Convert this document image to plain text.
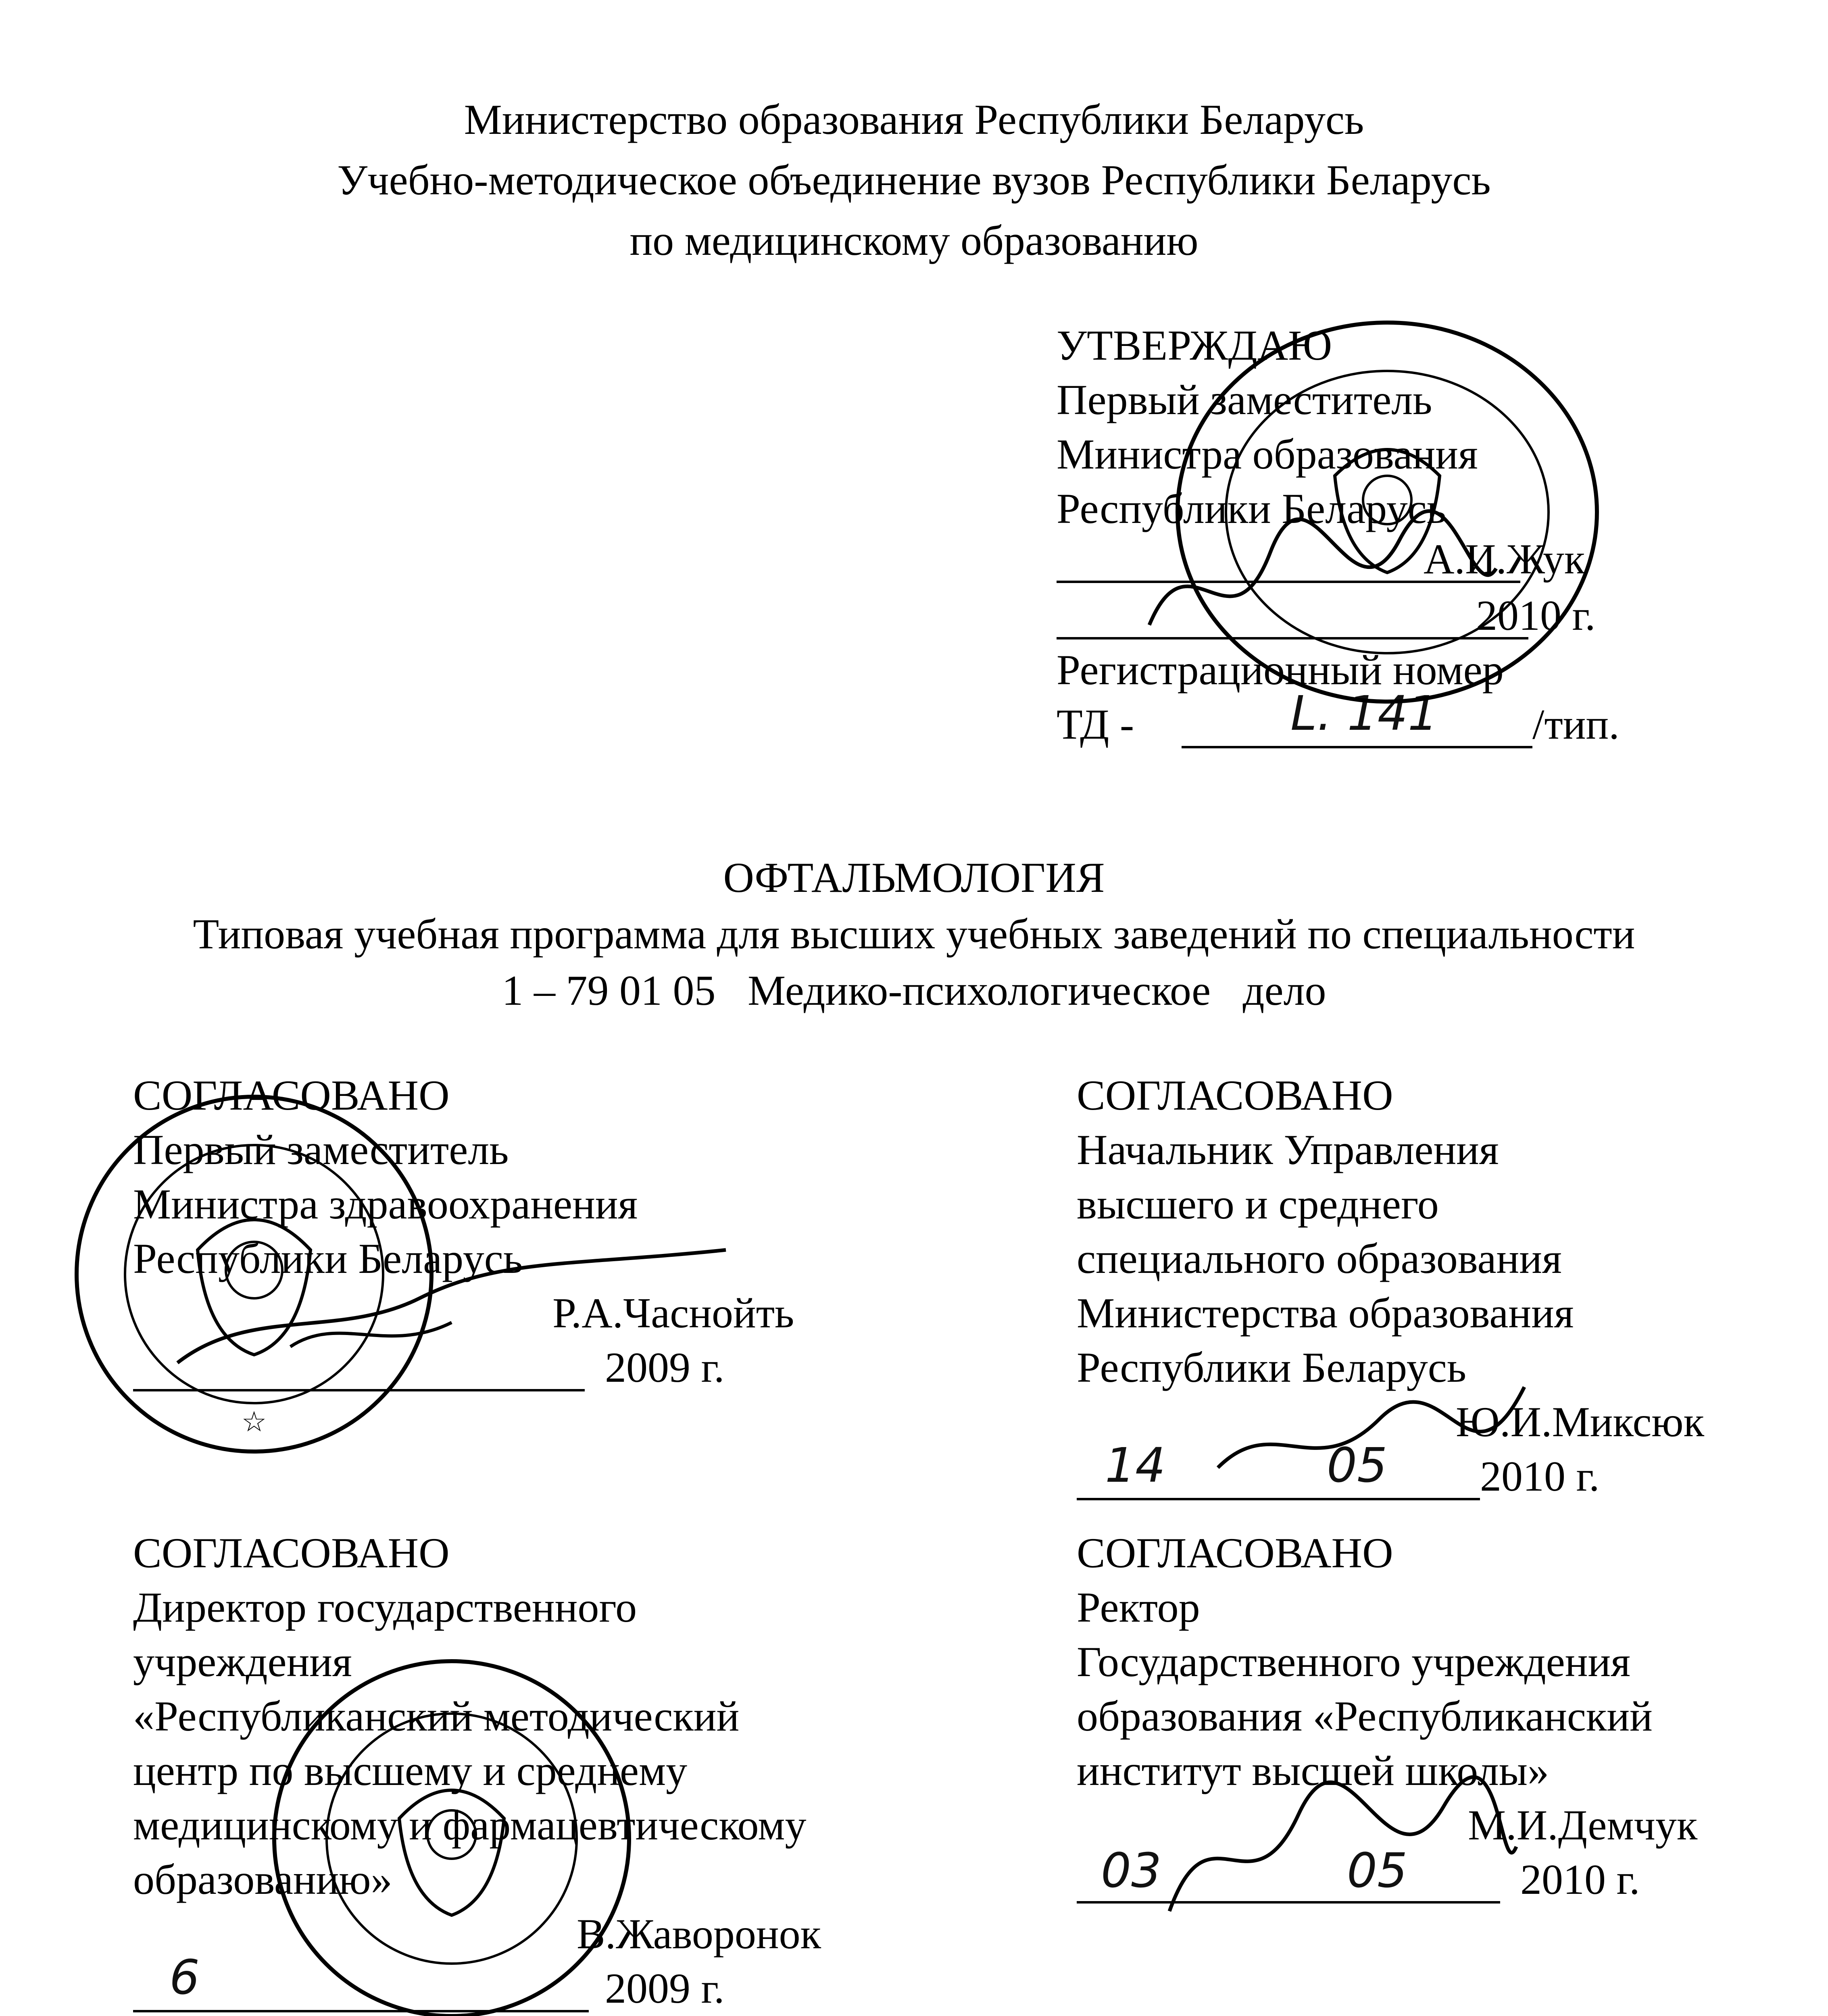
Министерство образования Республики Беларусь
Учебно-методическое объединение вузов Республики Беларусь
по медицинскому образованию
УТВЕРЖДАЮ
Первый заместитель
Министра образования
Республики Беларусь
А.И.Жук
2010 г.
Регистрационный номер
ТД -	L. 141 /тип.
ОФТАЛЬМОЛОГИЯ
Типовая учебная программа для высших учебных заведений по специальности
1 – 79 01 05   Медико-психологическое   дело
СОГЛАСОВАНО
Первый заместитель
Министра здравоохранения
Республики Беларусь
Р.А.Часнойть
2009 г.
СОГЛАСОВАНО
Начальник Управления
высшего и среднего
специального образования
Министерства образования
Республики Беларусь
Ю.И.Миксюк
14	05 2010 г.
СОГЛАСОВАНО
Директор государственного
учреждения
«Республиканский методический
центр по высшему и среднему
медицинскому и фармацевтическому
образованию»
В.Жаворонок
6	2009 г.
СОГЛАСОВАНО
Ректор
Государственного учреждения
образования «Республиканский
институт высшей школы»
М.И.Демчук
03	05	2010 г.
☆
